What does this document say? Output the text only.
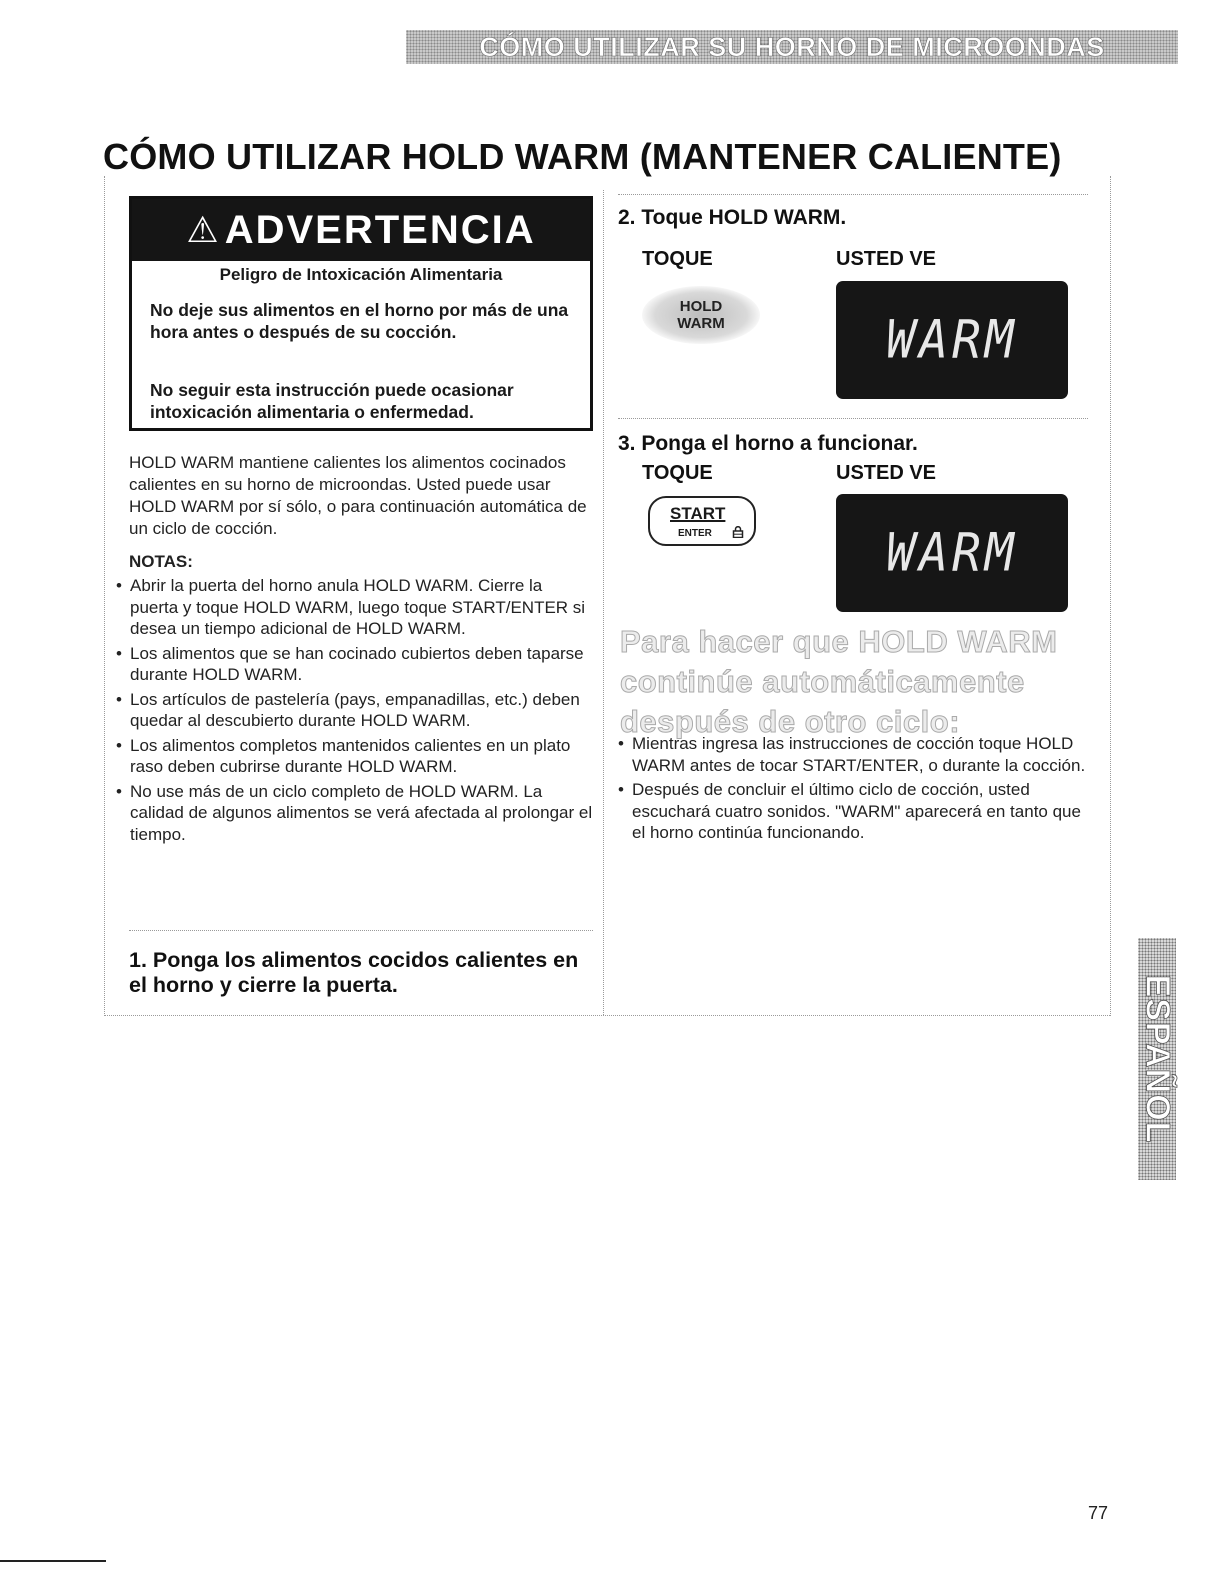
CÓMO UTILIZAR SU HORNO DE MICROONDAS
CÓMO UTILIZAR HOLD WARM (MANTENER CALIENTE)
⚠ ADVERTENCIA
Peligro de Intoxicación Alimentaria
No deje sus alimentos en el horno por más de una hora antes o después de su cocción.
No seguir esta instrucción puede ocasionar intoxicación alimentaria o enfermedad.
HOLD WARM mantiene calientes los alimentos cocinados calientes en su horno de microondas. Usted puede usar HOLD WARM por sí sólo, o para continuación automática de un ciclo de cocción.
NOTAS:
• Abrir la puerta del horno anula HOLD WARM. Cierre la puerta y toque HOLD WARM, luego toque START/ENTER si desea un tiempo adicional de HOLD WARM.
• Los alimentos que se han cocinado cubiertos deben taparse durante HOLD WARM.
• Los artículos de pastelería (pays, empanadillas, etc.) deben quedar al descubierto durante HOLD WARM.
• Los alimentos completos mantenidos calientes en un plato raso deben cubrirse durante HOLD WARM.
• No use más de un ciclo completo de HOLD WARM. La calidad de algunos alimentos se verá afectada al prolongar el tiempo.
1. Ponga los alimentos cocidos calientes en el horno y cierre la puerta.
2. Toque HOLD WARM.
TOQUE	USTED VE
HOLD
WARM	WARM
3. Ponga el horno a funcionar.
TOQUE	USTED VE
START
ENTER	WARM
Para hacer que HOLD WARM continúe automáticamente después de otro ciclo:
• Mientras ingresa las instrucciones de cocción toque HOLD WARM antes de tocar START/ENTER, o durante la cocción.
• Después de concluir el último ciclo de cocción, usted escuchará cuatro sonidos. "WARM" aparecerá en tanto que el horno continúa funcionando.
ESPAÑOL
77
